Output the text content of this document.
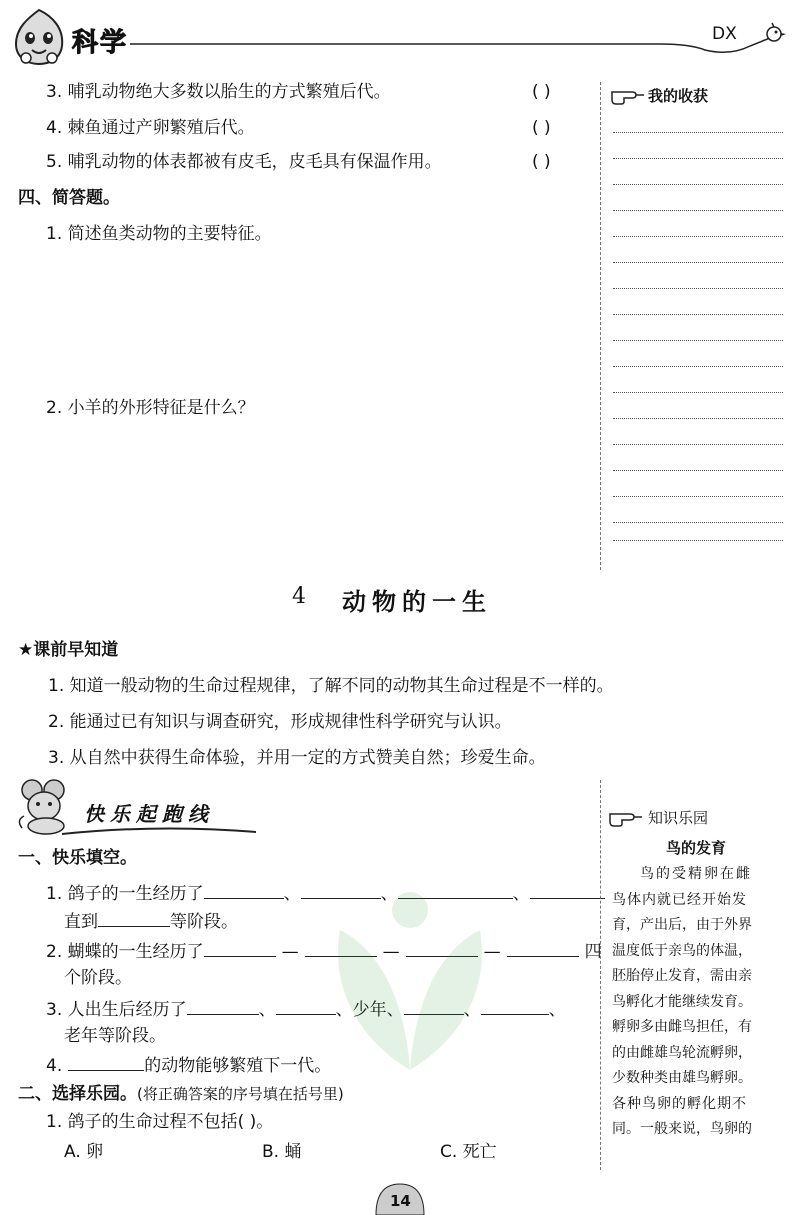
科学	DX
我的收获
3. 哺乳动物绝大多数以胎生的方式繁殖后代。	( )
4. 棘鱼通过产卵繁殖后代。	( )
5. 哺乳动物的体表都被有皮毛，皮毛具有保温作用。	( )
四、简答题。
1. 简述鱼类动物的主要特征。
2. 小羊的外形特征是什么？
4 动物的一生
★课前早知道
1. 知道一般动物的生命过程规律，了解不同的动物其生命过程是不一样的。
2. 能通过已有知识与调查研究，形成规律性科学研究与认识。
3. 从自然中获得生命体验，并用一定的方式赞美自然；珍爱生命。
快乐起跑线
一、快乐填空。
1. 鸽子的一生经历了	、	、	、
直到	等阶段。
2. 蝴蝶的一生经历了	—	—	—	四
个阶段。
3. 人出生后经历了	、	、少年、	、	、
老年等阶段。
4.	的动物能够繁殖下一代。
二、选择乐园。(将正确答案的序号填在括号里)
1. 鸽子的生命过程不包括( )。
A. 卵	B. 蛹	C. 死亡
知识乐园
鸟的发育
鸟的受精卵在雌
鸟体内就已经开始发
育，产出后，由于外界
温度低于亲鸟的体温，
胚胎停止发育，需由亲
鸟孵化才能继续发育。
孵卵多由雌鸟担任，有
的由雌雄鸟轮流孵卵，
少数种类由雄鸟孵卵。
各种鸟卵的孵化期不
同。一般来说，鸟卵的
14
